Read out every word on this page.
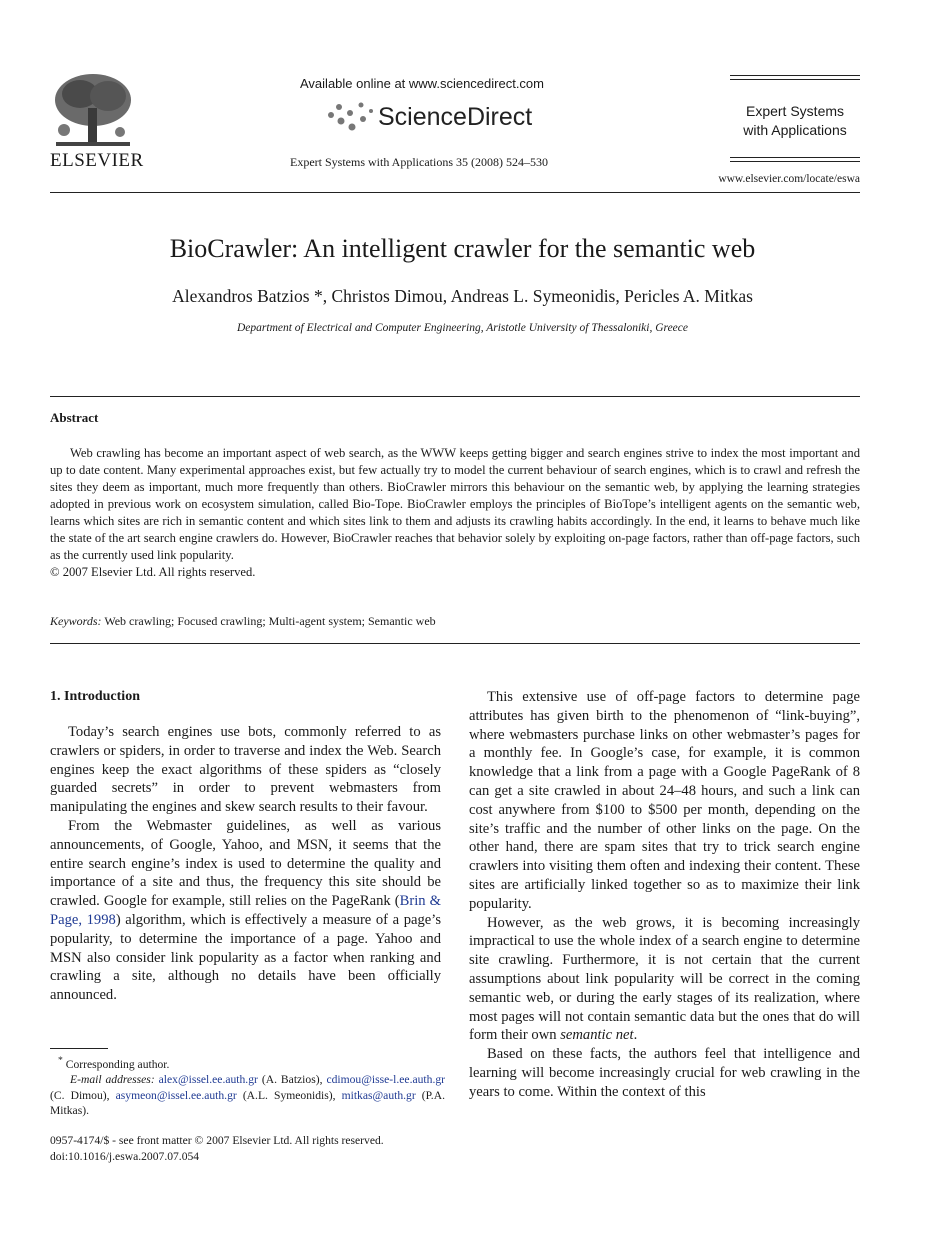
ELSEVIER
Available online at www.sciencedirect.com
ScienceDirect
Expert Systems with Applications 35 (2008) 524–530
Expert Systems
with Applications
www.elsevier.com/locate/eswa
BioCrawler: An intelligent crawler for the semantic web
Alexandros Batzios *, Christos Dimou, Andreas L. Symeonidis, Pericles A. Mitkas
Department of Electrical and Computer Engineering, Aristotle University of Thessaloniki, Greece
Abstract
Web crawling has become an important aspect of web search, as the WWW keeps getting bigger and search engines strive to index the most important and up to date content. Many experimental approaches exist, but few actually try to model the current behaviour of search engines, which is to crawl and refresh the sites they deem as important, much more frequently than others. BioCrawler mirrors this behaviour on the semantic web, by applying the learning strategies adopted in previous work on ecosystem simulation, called Bio-Tope. BioCrawler employs the principles of BioTope’s intelligent agents on the semantic web, learns which sites are rich in semantic content and which sites link to them and adjusts its crawling habits accordingly. In the end, it learns to behave much like the state of the art search engine crawlers do. However, BioCrawler reaches that behavior solely by exploiting on-page factors, rather than off-page factors, such as the currently used link popularity.
© 2007 Elsevier Ltd. All rights reserved.
Keywords: Web crawling; Focused crawling; Multi-agent system; Semantic web
1. Introduction

Today’s search engines use bots, commonly referred to as crawlers or spiders, in order to traverse and index the Web. Search engines keep the exact algorithms of these spiders as “closely guarded secrets” in order to prevent webmasters from manipulating the engines and skew search results to their favour.

From the Webmaster guidelines, as well as various announcements, of Google, Yahoo, and MSN, it seems that the entire search engine’s index is used to determine the quality and importance of a site and thus, the frequency this site should be crawled. Google for example, still relies on the PageRank (Brin & Page, 1998) algorithm, which is effectively a measure of a page’s popularity, to determine the importance of a page. Yahoo and MSN also consider link popularity as a factor when ranking and crawling a site, although no details have been officially announced.

* Corresponding author.
E-mail addresses: alex@issel.ee.auth.gr (A. Batzios), cdimou@isse-l.ee.auth.gr (C. Dimou), asymeon@issel.ee.auth.gr (A.L. Symeonidis), mitkas@auth.gr (P.A. Mitkas).
0957-4174/$ - see front matter © 2007 Elsevier Ltd. All rights reserved.
doi:10.1016/j.eswa.2007.07.054

This extensive use of off-page factors to determine page attributes has given birth to the phenomenon of “link-buying”, where webmasters purchase links on other webmaster’s pages for a monthly fee. In Google’s case, for example, it is common knowledge that a link from a page with a Google PageRank of 8 can get a site crawled in about 24–48 hours, and such a link can cost anywhere from $100 to $500 per month, depending on the site’s traffic and the number of other links on the page. On the other hand, there are spam sites that try to trick search engine crawlers into visiting them often and indexing their content. These sites are artificially linked together so as to maximize their link popularity.

However, as the web grows, it is becoming increasingly impractical to use the whole index of a search engine to determine site crawling. Furthermore, it is not certain that the current assumptions about link popularity will be correct in the coming semantic web, or during the early stages of its realization, where most pages will not contain semantic data but the ones that do will form their own semantic net.

Based on these facts, the authors feel that intelligence and learning will become increasingly crucial for web crawling in the years to come. Within the context of this
